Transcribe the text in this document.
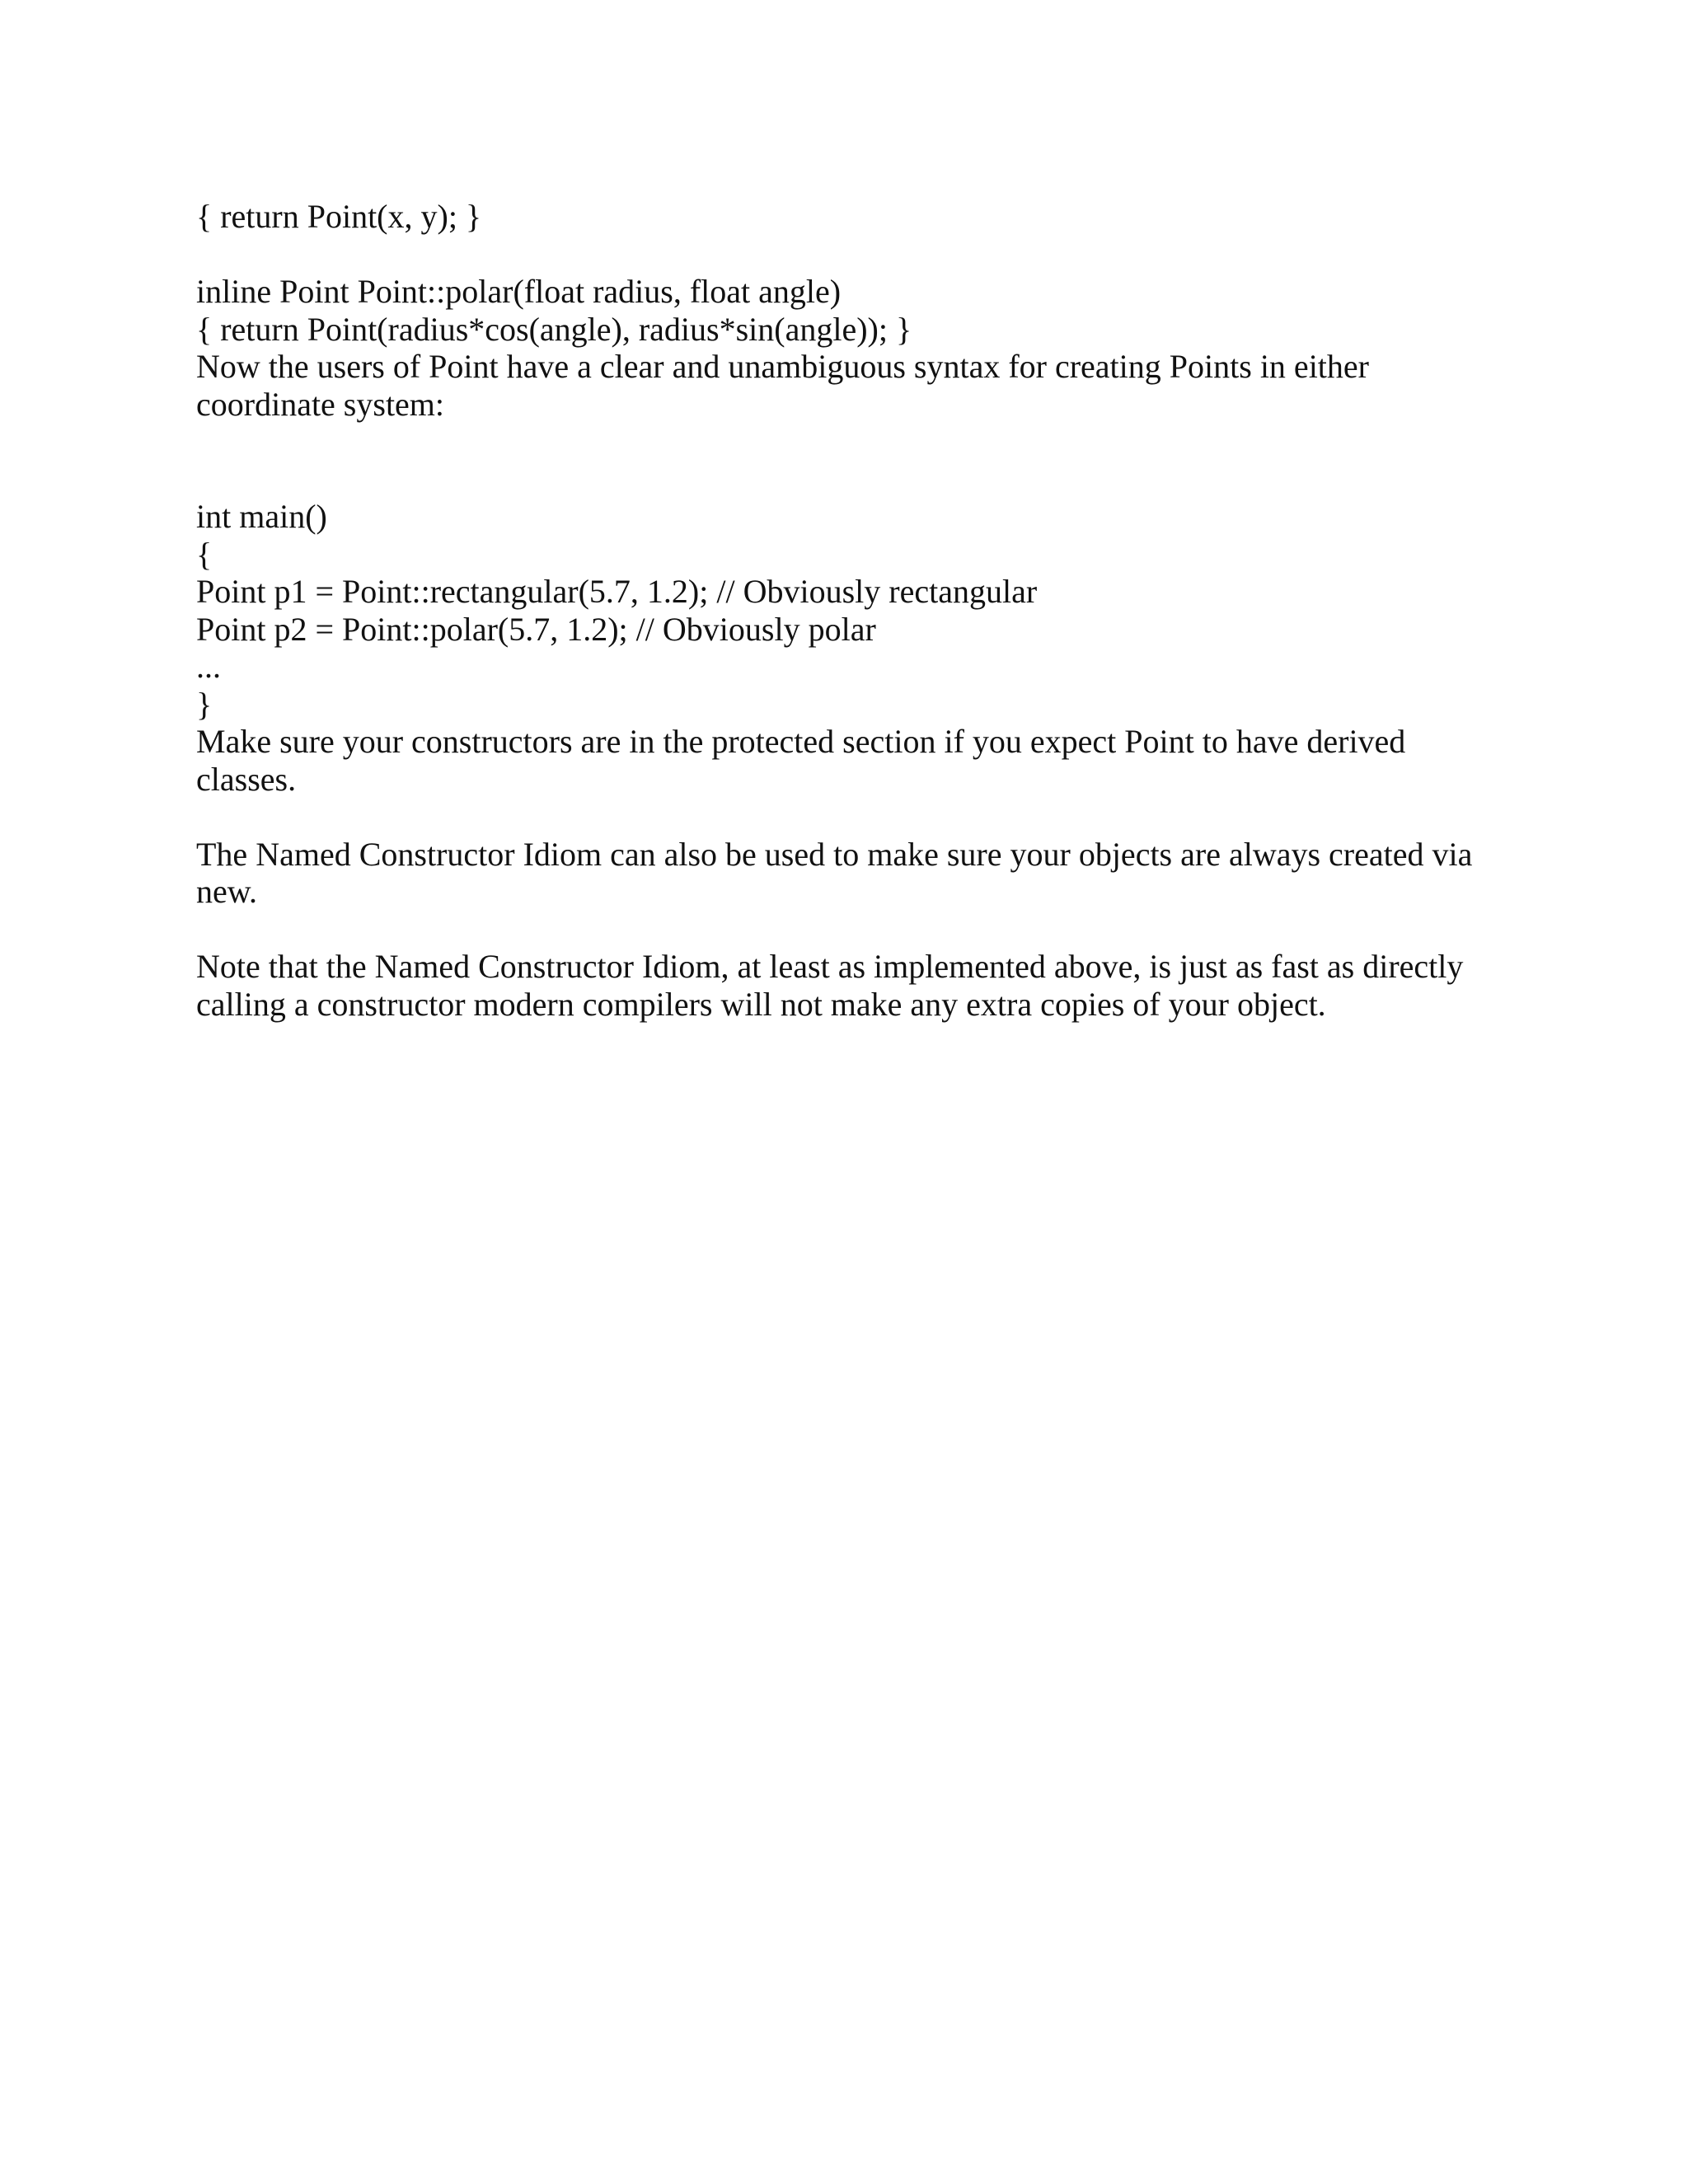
{ return Point(x, y); }
inline Point Point::polar(float radius, float angle)
{ return Point(radius*cos(angle), radius*sin(angle)); }
Now the users of Point have a clear and unambiguous syntax for creating Points in either
coordinate system:
int main()
{
Point p1 = Point::rectangular(5.7, 1.2); // Obviously rectangular
Point p2 = Point::polar(5.7, 1.2); // Obviously polar
...
}
Make sure your constructors are in the protected section if you expect Point to have derived
classes.
The Named Constructor Idiom can also be used to make sure your objects are always created via
new.
Note that the Named Constructor Idiom, at least as implemented above, is just as fast as directly
calling a constructor modern compilers will not make any extra copies of your object.
